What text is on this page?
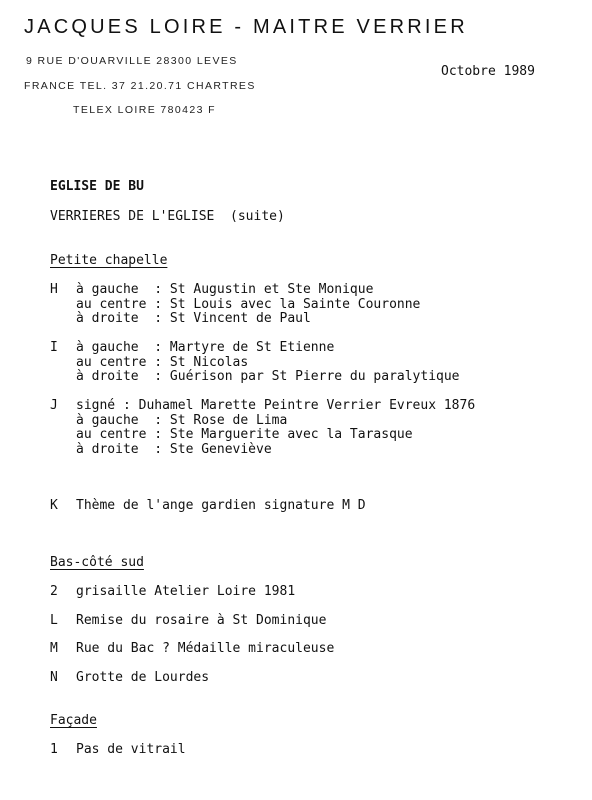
JACQUES LOIRE - MAITRE VERRIER
9 RUE D'OUARVILLE 28300 LEVES
FRANCE TEL. 37 21.20.71 CHARTRES
TELEX LOIRE 780423 F
Octobre 1989
EGLISE DE BU
VERRIERES DE L'EGLISE  (suite)
Petite chapelle
H à gauche  : St Augustin et Ste Monique
au centre : St Louis avec la Sainte Couronne
à droite  : St Vincent de Paul
I à gauche  : Martyre de St Etienne
au centre : St Nicolas
à droite  : Guérison par St Pierre du paralytique
J signé : Duhamel Marette Peintre Verrier Evreux 1876
à gauche  : St Rose de Lima
au centre : Ste Marguerite avec la Tarasque
à droite  : Ste Geneviève
K Thème de l'ange gardien signature M D
Bas-côté sud
2 grisaille Atelier Loire 1981
L Remise du rosaire à St Dominique
M Rue du Bac ? Médaille miraculeuse
N Grotte de Lourdes
Façade
1 Pas de vitrail
